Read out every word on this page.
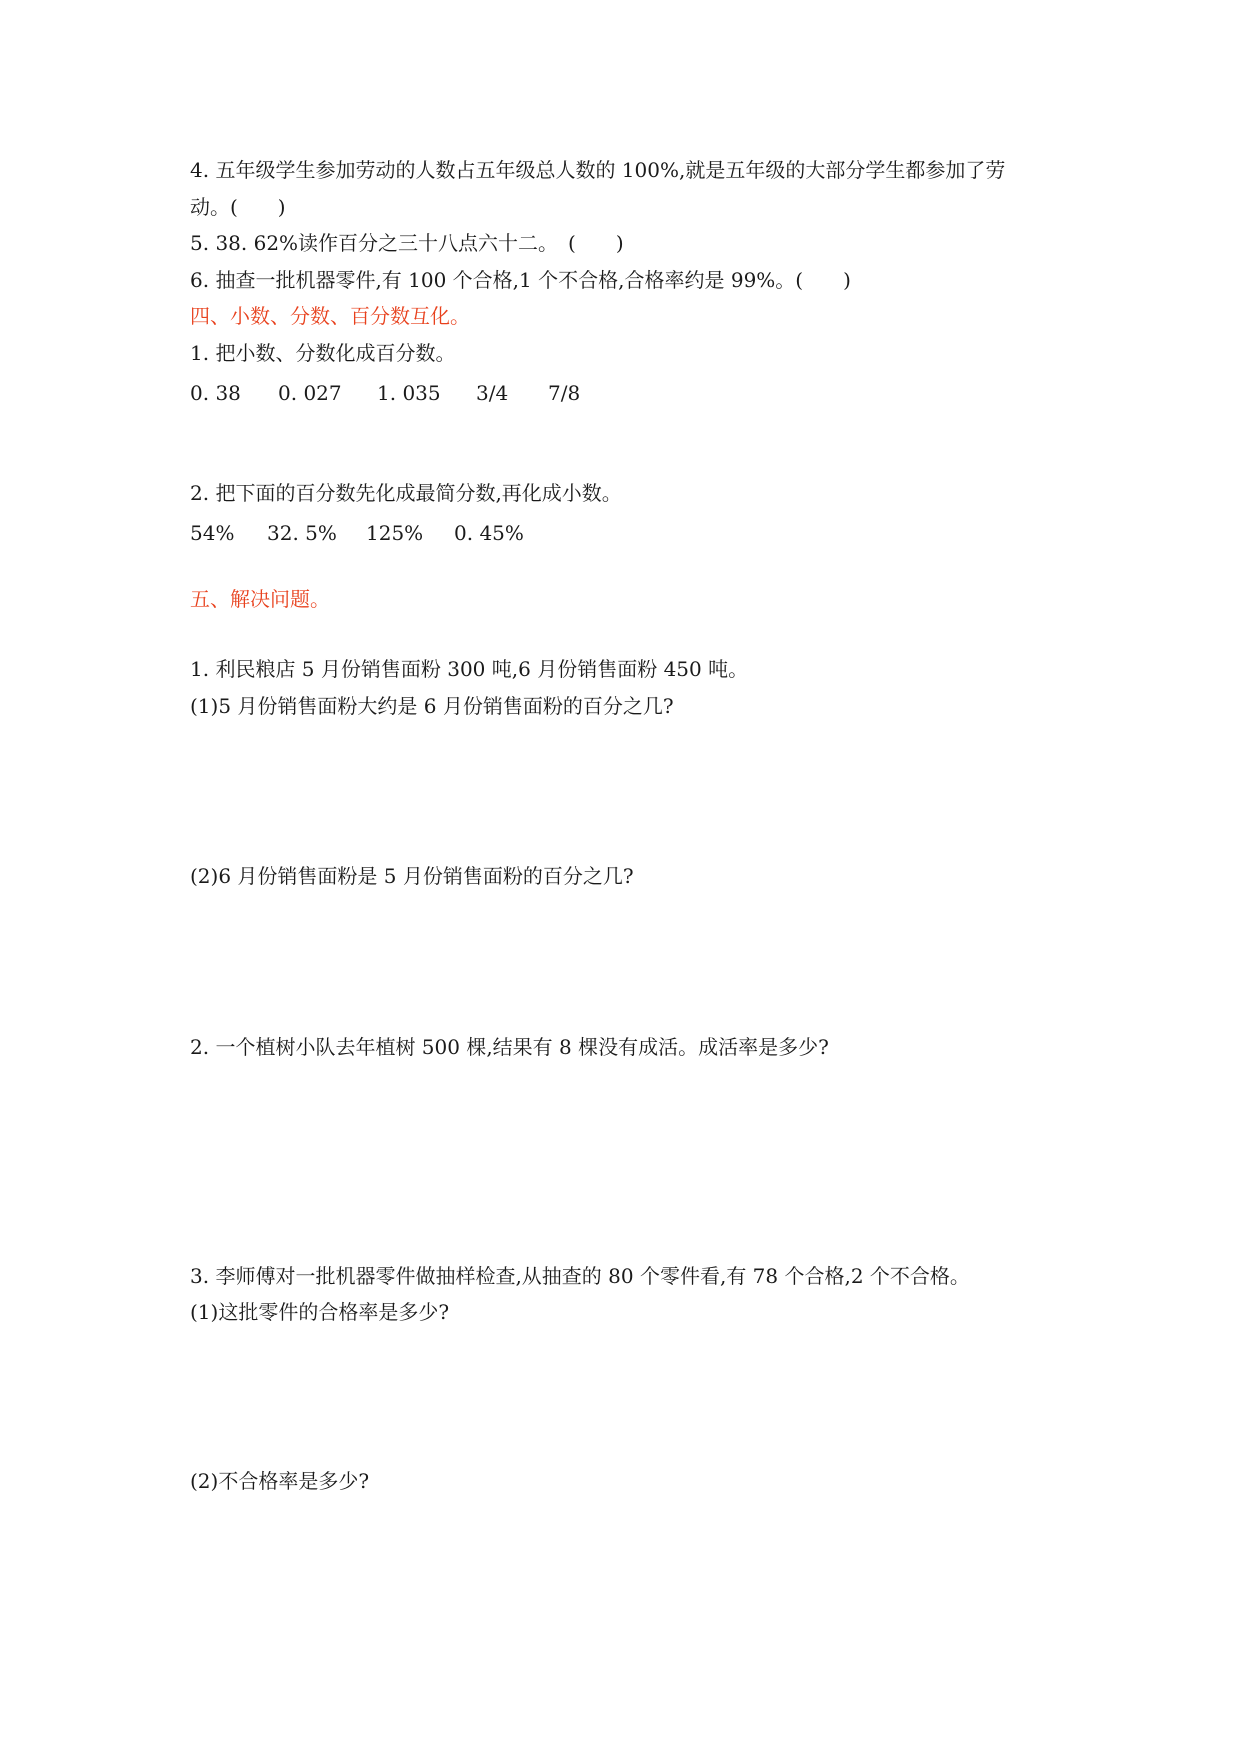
4. 五年级学生参加劳动的人数占五年级总人数的 100%,就是五年级的大部分学生都参加了劳
动。(　　)
5. 38. 62%读作百分之三十八点六十二。　(　　)
6. 抽查一批机器零件,有 100 个合格,1 个不合格,合格率约是 99%。(　　)
四、小数、分数、百分数互化。
1. 把小数、分数化成百分数。
0. 38 0. 027 1. 035 3/4 7/8
2. 把下面的百分数先化成最简分数,再化成小数。
54% 32. 5% 125% 0. 45%
五、解决问题。
1. 利民粮店 5 月份销售面粉 300 吨,6 月份销售面粉 450 吨。
(1)5 月份销售面粉大约是 6 月份销售面粉的百分之几?
(2)6 月份销售面粉是 5 月份销售面粉的百分之几?
2. 一个植树小队去年植树 500 棵,结果有 8 棵没有成活。成活率是多少?
3. 李师傅对一批机器零件做抽样检查,从抽查的 80 个零件看,有 78 个合格,2 个不合格。
(1)这批零件的合格率是多少?
(2)不合格率是多少?
